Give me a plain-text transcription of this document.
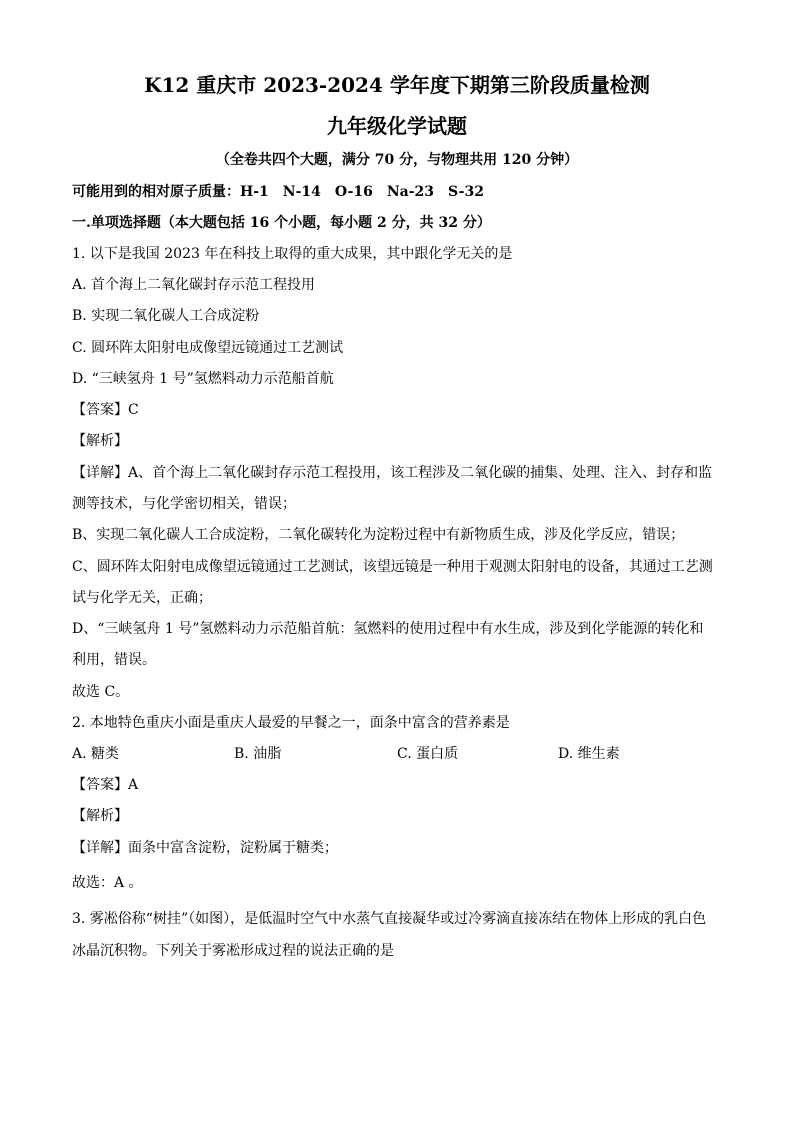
K12 重庆市 2023-2024 学年度下期第三阶段质量检测
九年级化学试题
（全卷共四个大题，满分 70 分，与物理共用 120 分钟）
可能用到的相对原子质量：H-1　N-14　O-16　Na-23　S-32
一.单项选择题（本大题包括 16 个小题，每小题 2 分，共 32 分）
1. 以下是我国 2023 年在科技上取得的重大成果，其中跟化学无关的是
A. 首个海上二氧化碳封存示范工程投用
B. 实现二氧化碳人工合成淀粉
C. 圆环阵太阳射电成像望远镜通过工艺测试
D. “三峡氢舟 1 号”氢燃料动力示范船首航
【答案】C
【解析】
【详解】A、首个海上二氧化碳封存示范工程投用，该工程涉及二氧化碳的捕集、处理、注入、封存和监
测等技术，与化学密切相关，错误；
B、实现二氧化碳人工合成淀粉，二氧化碳转化为淀粉过程中有新物质生成，涉及化学反应，错误；
C、圆环阵太阳射电成像望远镜通过工艺测试，该望远镜是一种用于观测太阳射电的设备，其通过工艺测
试与化学无关，正确；
D、“三峡氢舟 1 号”氢燃料动力示范船首航：氢燃料的使用过程中有水生成，涉及到化学能源的转化和
利用，错误。
故选 C。
2. 本地特色重庆小面是重庆人最爱的早餐之一，面条中富含的营养素是
A. 糖类	B. 油脂	C. 蛋白质	D. 维生素
【答案】A
【解析】
【详解】面条中富含淀粉，淀粉属于糖类；
故选：A 。
3. 雾凇俗称“树挂”（如图），是低温时空气中水蒸气直接凝华或过冷雾滴直接冻结在物体上形成的乳白色
冰晶沉积物。下列关于雾凇形成过程的说法正确的是
